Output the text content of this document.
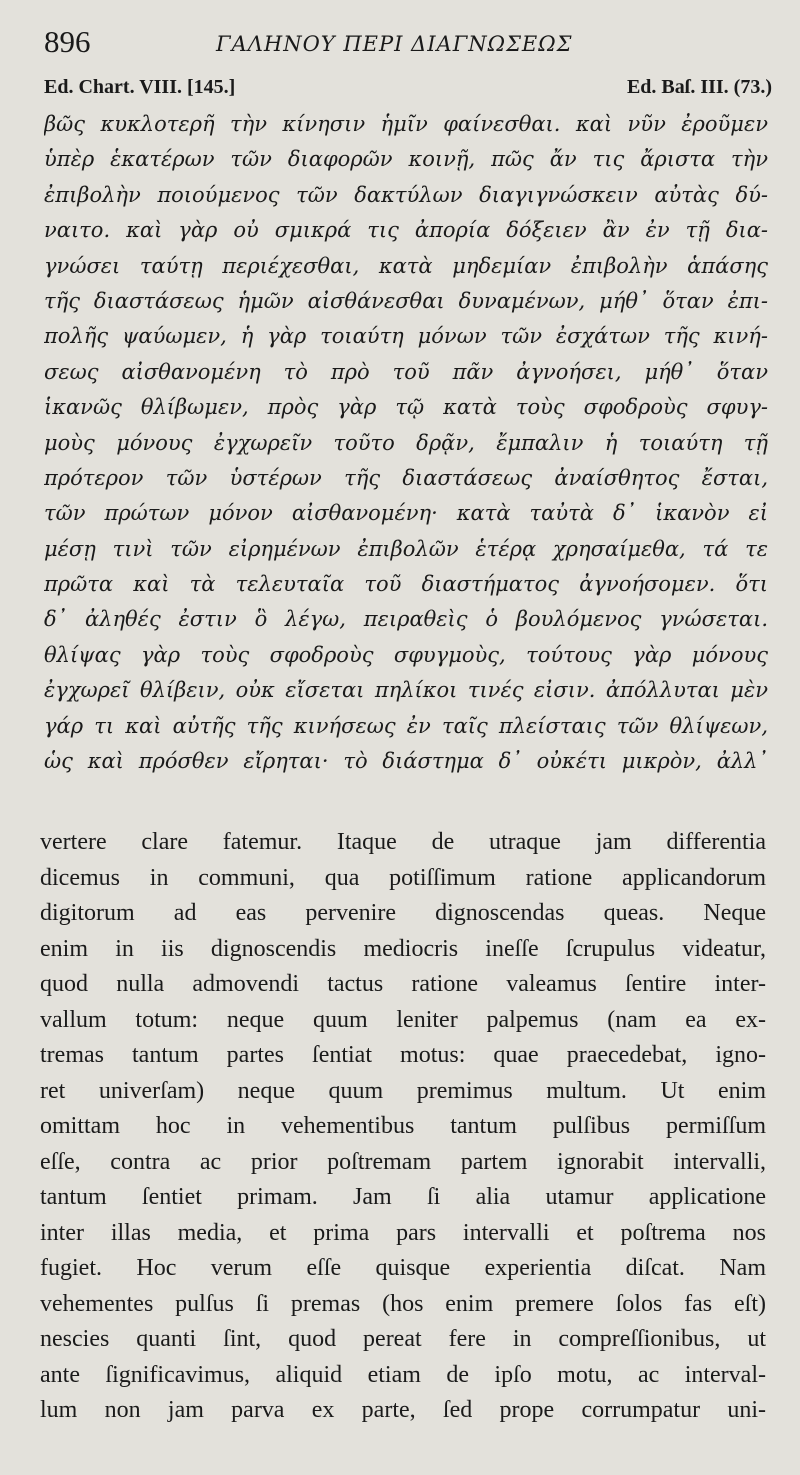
896	ΓΑΛΗΝΟΥ ΠΕΡΙ ΔΙΑΓΝΩΣΕΩΣ
Ed. Chart. VIII. [145.]	Ed. Baſ. III. (73.)
βῶς κυκλοτερῆ τὴν κίνησιν ἡμῖν φαίνεσθαι. καὶ νῦν ἐροῦμεν
ὑπὲρ ἑκατέρων τῶν διαφορῶν κοινῇ, πῶς ἄν τις ἄριστα τὴν
ἐπιβολὴν ποιούμενος τῶν δακτύλων διαγιγνώσκειν αὐτὰς δύ-
ναιτο. καὶ γὰρ οὐ σμικρά τις ἀπορία δόξειεν ἂν ἐν τῇ δια-
γνώσει ταύτῃ περιέχεσθαι, κατὰ μηδεμίαν ἐπιβολὴν ἁπάσης
τῆς διαστάσεως ἡμῶν αἰσθάνεσθαι δυναμένων, μήθ᾽ ὅταν ἐπι-
πολῆς ψαύωμεν, ἡ γὰρ τοιαύτη μόνων τῶν ἐσχάτων τῆς κινή-
σεως αἰσθανομένη τὸ πρὸ τοῦ πᾶν ἀγνοήσει, μήθ᾽ ὅταν
ἱκανῶς θλίβωμεν, πρὸς γὰρ τῷ κατὰ τοὺς σφοδροὺς σφυγ-
μοὺς μόνους ἐγχωρεῖν τοῦτο δρᾷν, ἔμπαλιν ἡ τοιαύτη τῇ
πρότερον τῶν ὑστέρων τῆς διαστάσεως ἀναίσθητος ἔσται,
τῶν πρώτων μόνον αἰσθανομένη· κατὰ ταὐτὰ δ᾽ ἱκανὸν εἰ
μέσῃ τινὶ τῶν εἰρημένων ἐπιβολῶν ἑτέρᾳ χρησαίμεθα, τά τε
πρῶτα καὶ τὰ τελευταῖα τοῦ διαστήματος ἀγνοήσομεν. ὅτι
δ᾽ ἀληθές ἐστιν ὃ λέγω, πειραθεὶς ὁ βουλόμενος γνώσεται.
θλίψας γὰρ τοὺς σφοδροὺς σφυγμοὺς, τούτους γὰρ μόνους
ἐγχωρεῖ θλίβειν, οὐκ εἴσεται πηλίκοι τινές εἰσιν. ἀπόλλυται μὲν
γάρ τι καὶ αὐτῆς τῆς κινήσεως ἐν ταῖς πλείσταις τῶν θλίψεων,
ὡς καὶ πρόσθεν εἴρηται· τὸ διάστημα δ᾽ οὐκέτι μικρὸν, ἀλλ᾽
vertere clare fatemur. Itaque de utraque jam differentia
dicemus in communi, qua potiſſimum ratione applicandorum
digitorum ad eas pervenire dignoscendas queas. Neque
enim in iis dignoscendis mediocris ineſſe ſcrupulus videatur,
quod nulla admovendi tactus ratione valeamus ſentire inter-
vallum totum: neque quum leniter palpemus (nam ea ex-
tremas tantum partes ſentiat motus: quae praecedebat, igno-
ret univerſam) neque quum premimus multum. Ut enim
omittam hoc in vehementibus tantum pulſibus permiſſum
eſſe, contra ac prior poſtremam partem ignorabit intervalli,
tantum ſentiet primam. Jam ſi alia utamur applicatione
inter illas media, et prima pars intervalli et poſtrema nos
fugiet. Hoc verum eſſe quisque experientia diſcat. Nam
vehementes pulſus ſi premas (hos enim premere ſolos fas eſt)
nescies quanti ſint, quod pereat fere in compreſſionibus, ut
ante ſignificavimus, aliquid etiam de ipſo motu, ac interval-
lum non jam parva ex parte, ſed prope corrumpatur uni-
